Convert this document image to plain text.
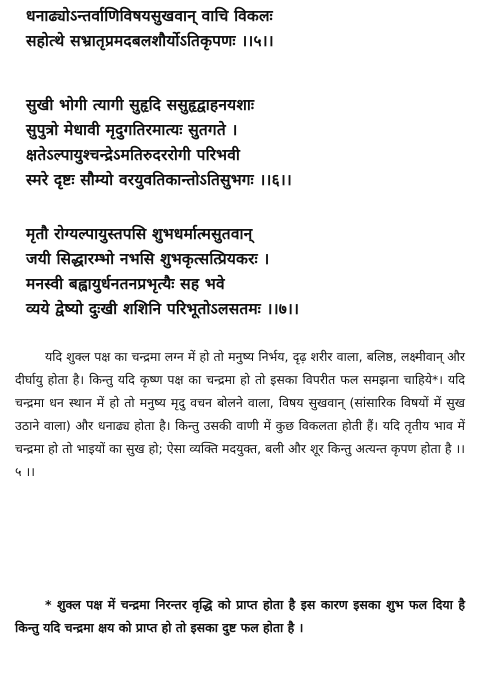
धनाढ्योऽन्तर्वाणिविषयसुखवान् वाचि विकलः
सहोत्थे सभ्रातृप्रमदबलशौर्योऽतिकृपणः ।।५।।
सुखी भोगी त्यागी सुहृदि ससुहृद्वाहनयशाः
सुपुत्रो मेधावी मृदुगतिरमात्यः सुतगते ।
क्षतेऽल्पायुश्चन्द्रेऽमतिरुदररोगी परिभवी
स्मरे दृष्टः सौम्यो वरयुवतिकान्तोऽतिसुभगः ।।६।।
मृतौ रोग्यल्पायुस्तपसि शुभधर्मात्मसुतवान्
जयी सिद्धारम्भो नभसि शुभकृत्सत्प्रियकरः ।
मनस्वी बह्वायुर्धनतनप्रभृत्यैः सह भवे
व्यये द्वेष्यो दुःखी शशिनि परिभूतोऽलसतमः ।।७।।

यदि शुक्ल पक्ष का चन्द्रमा लग्न में हो तो मनुष्य निर्भय, दृढ़ शरीर वाला, बलिष्ठ, लक्ष्मीवान् और दीर्घायु होता है। किन्तु यदि कृष्ण पक्ष का चन्द्रमा हो तो इसका विपरीत फल समझना चाहिये*। यदि चन्द्रमा धन स्थान में हो तो मनुष्य मृदु वचन बोलने वाला, विषय सुखवान् (सांसारिक विषयों में सुख उठाने वाला) और धनाढ्य होता है। किन्तु उसकी वाणी में कुछ विकलता होती हैं। यदि तृतीय भाव में चन्द्रमा हो तो भाइयों का सुख हो; ऐसा व्यक्ति मदयुक्त, बली और शूर किन्तु अत्यन्त कृपण होता है ।। ५ ।।

* शुक्ल पक्ष में चन्द्रमा निरन्तर वृद्धि को प्राप्त होता है इस कारण इसका शुभ फल दिया है किन्तु यदि चन्द्रमा क्षय को प्राप्त हो तो इसका दुष्ट फल होता है ।
